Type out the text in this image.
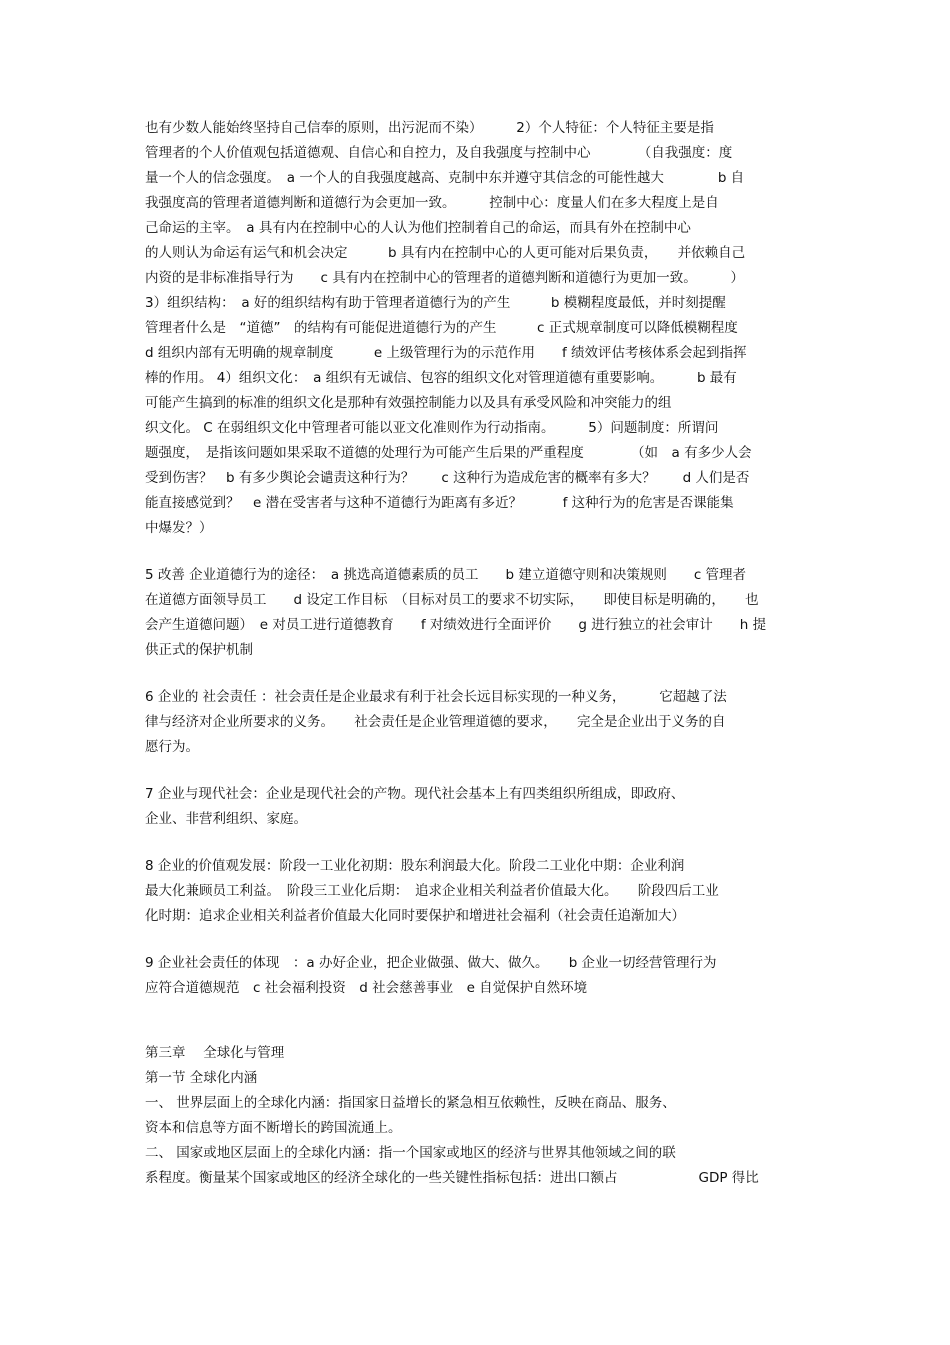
也有少数人能始终坚持自己信奉的原则，出污泥而不染）　　　2）个人特征：个人特征主要是指
管理者的个人价值观包括道德观、自信心和自控力，及自我强度与控制中心　　　　（自我强度：度
量一个人的信念强度。　a 一个人的自我强度越高、克制中东并遵守其信念的可能性越大　　　　b 自
我强度高的管理者道德判断和道德行为会更加一致。　　　控制中心：度量人们在多大程度上是自
己命运的主宰。　a 具有内在控制中心的人认为他们控制着自己的命运，而具有外在控制中心
的人则认为命运有运气和机会决定　　　b 具有内在控制中心的人更可能对后果负责，　　并依赖自己
内资的是非标准指导行为　　c 具有内在控制中心的管理者的道德判断和道德行为更加一致。　　　）
3）组织结构：　a 好的组织结构有助于管理者道德行为的产生　　　b 模糊程度最低，并时刻提醒
管理者什么是　“道德”　的结构有可能促进道德行为的产生　　　c 正式规章制度可以降低模糊程度
d 组织内部有无明确的规章制度　　　e 上级管理行为的示范作用　　f 绩效评估考核体系会起到指挥
棒的作用。 4）组织文化：　a 组织有无诚信、包容的组织文化对管理道德有重要影响。　　　b 最有
可能产生搞到的标准的组织文化是那种有效强控制能力以及具有承受风险和冲突能力的组
织文化。 C 在弱组织文化中管理者可能以亚文化准则作为行动指南。　　　5）问题制度：所谓问
题强度，　是指该问题如果采取不道德的处理行为可能产生后果的严重程度　　　　（如　a 有多少人会
受到伤害？　b 有多少舆论会谴责这种行为？　　c 这种行为造成危害的概率有多大？　　d 人们是否
能直接感觉到？　e 潜在受害者与这种不道德行为距离有多近？　　　f 这种行为的危害是否课能集
中爆发？）
5 改善 企业道德行为的途径：　a 挑选高道德素质的员工　　b 建立道德守则和决策规则　　c 管理者
在道德方面领导员工　　d 设定工作目标　（目标对员工的要求不切实际，　　即使目标是明确的，　　也
会产生道德问题）　e 对员工进行道德教育　　f 对绩效进行全面评价　　g 进行独立的社会审计　　h 提
供正式的保护机制
6 企业的 社会责任 ：社会责任是企业最求有利于社会长远目标实现的一种义务，　　　它超越了法
律与经济对企业所要求的义务。　　社会责任是企业管理道德的要求，　　完全是企业出于义务的自
愿行为。
7 企业与现代社会：企业是现代社会的产物。现代社会基本上有四类组织所组成，即政府、
企业、非营利组织、家庭。
8 企业的价值观发展：阶段一工业化初期：股东利润最大化。阶段二工业化中期：企业利润
最大化兼顾员工利益。　阶段三工业化后期：　追求企业相关利益者价值最大化。　　阶段四后工业
化时期：追求企业相关利益者价值最大化同时要保护和增进社会福利（社会责任追渐加大）
9 企业社会责任的体现　：a 办好企业，把企业做强、做大、做久。　　b 企业一切经营管理行为
应符合道德规范　c 社会福利投资　d 社会慈善事业　e 自觉保护自然环境
第三章　 全球化与管理
第一节 全球化内涵
一、 世界层面上的全球化内涵：指国家日益增长的紧急相互依赖性，反映在商品、服务、
资本和信息等方面不断增长的跨国流通上。
二、 国家或地区层面上的全球化内涵：指一个国家或地区的经济与世界其他领域之间的联
系程度。衡量某个国家或地区的经济全球化的一些关键性指标包括：进出口额占　　　　　　GDP 得比
